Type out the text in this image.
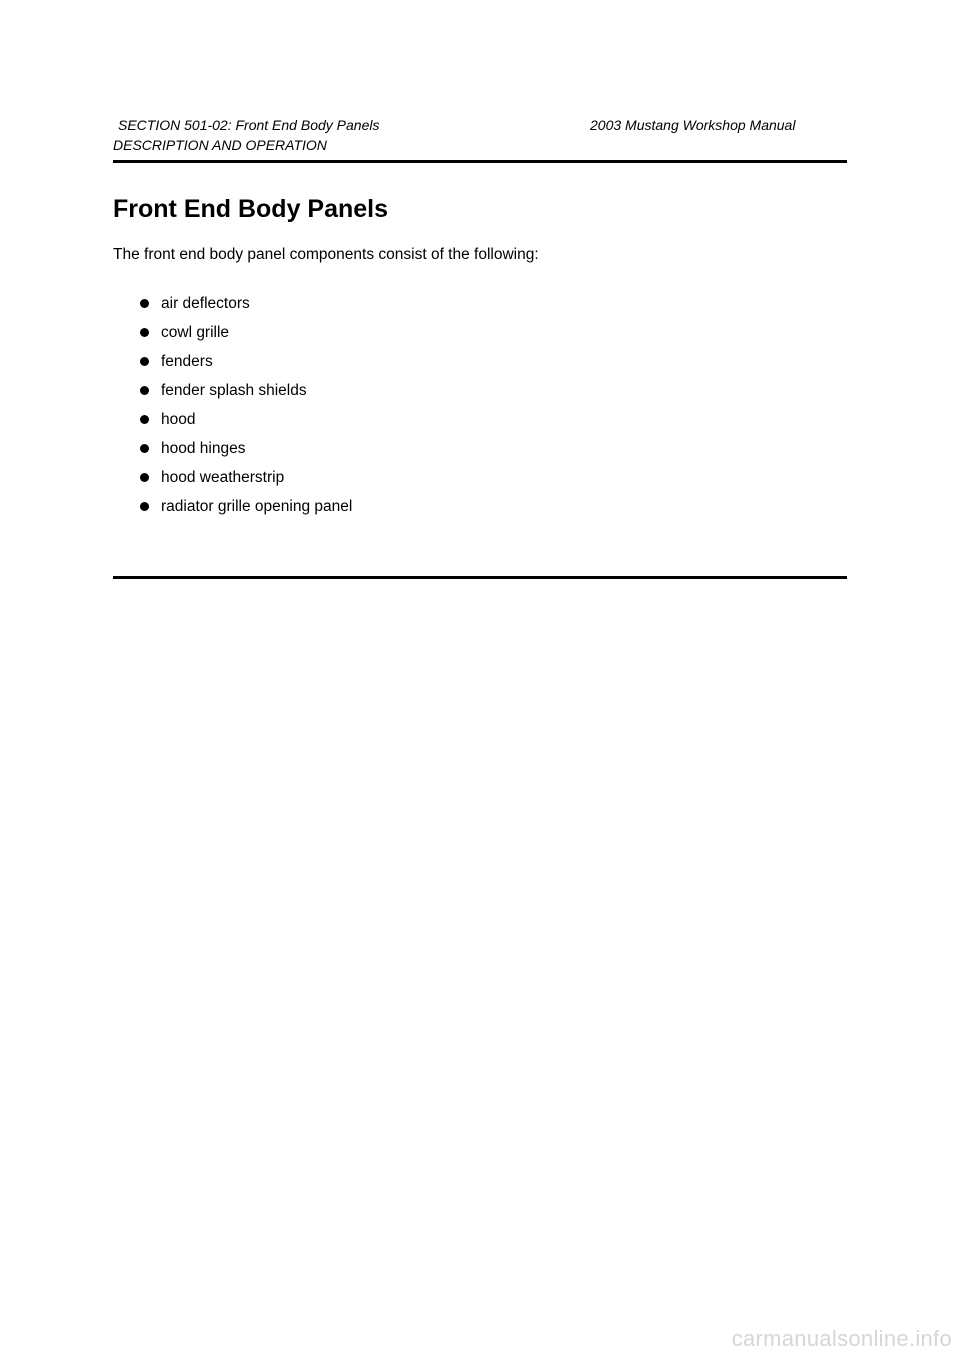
SECTION 501-02: Front End Body Panels	2003 Mustang Workshop Manual
DESCRIPTION AND OPERATION
Front End Body Panels

The front end body panel components consist of the following:

air deflectors
cowl grille
fenders
fender splash shields
hood
hood hinges
hood weatherstrip
radiator grille opening panel
carmanualsonline.info
